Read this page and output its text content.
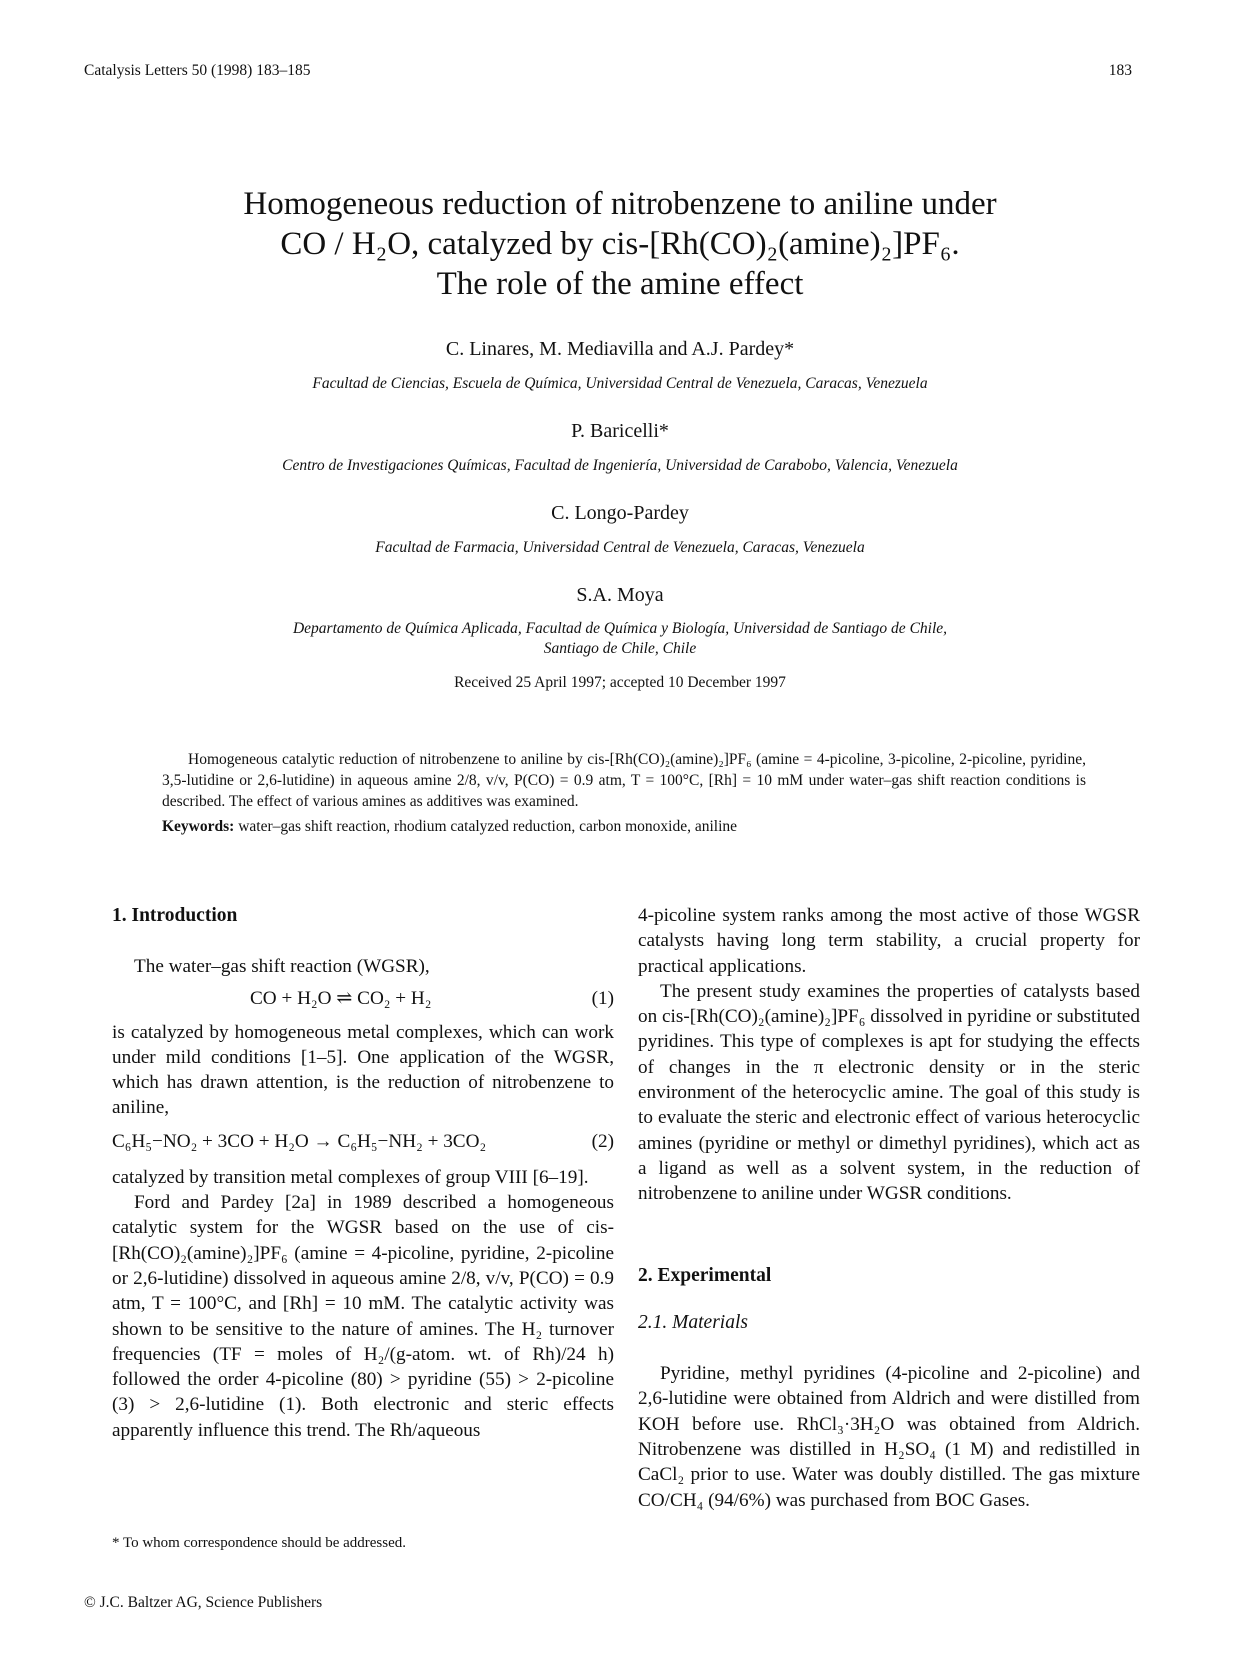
Catalysis Letters 50 (1998) 183–185	183
Homogeneous reduction of nitrobenzene to aniline under
CO / H₂O, catalyzed by cis-[Rh(CO)₂(amine)₂]PF₆.
The role of the amine effect
C. Linares, M. Mediavilla and A.J. Pardey*
Facultad de Ciencias, Escuela de Química, Universidad Central de Venezuela, Caracas, Venezuela
P. Baricelli*
Centro de Investigaciones Químicas, Facultad de Ingeniería, Universidad de Carabobo, Valencia, Venezuela
C. Longo-Pardey
Facultad de Farmacia, Universidad Central de Venezuela, Caracas, Venezuela
S.A. Moya
Departamento de Química Aplicada, Facultad de Química y Biología, Universidad de Santiago de Chile,
Santiago de Chile, Chile
Received 25 April 1997; accepted 10 December 1997
Homogeneous catalytic reduction of nitrobenzene to aniline by cis-[Rh(CO)₂(amine)₂]PF₆ (amine = 4-picoline, 3-picoline, 2-picoline, pyridine, 3,5-lutidine or 2,6-lutidine) in aqueous amine 2/8, v/v, P(CO) = 0.9 atm, T = 100°C, [Rh] = 10 mM under water–gas shift reaction conditions is described. The effect of various amines as additives was examined.
Keywords: water–gas shift reaction, rhodium catalyzed reduction, carbon monoxide, aniline
1. Introduction

The water–gas shift reaction (WGSR),

CO + H₂O ⇌ CO₂ + H₂	(1)

is catalyzed by homogeneous metal complexes, which can work under mild conditions [1–5]. One application of the WGSR, which has drawn attention, is the reduction of nitrobenzene to aniline,

C₆H₅−NO₂ + 3CO + H₂O → C₆H₅−NH₂ + 3CO₂	(2)

catalyzed by transition metal complexes of group VIII [6–19].

Ford and Pardey [2a] in 1989 described a homogeneous catalytic system for the WGSR based on the use of cis-[Rh(CO)₂(amine)₂]PF₆ (amine = 4-picoline, pyridine, 2-picoline or 2,6-lutidine) dissolved in aqueous amine 2/8, v/v, P(CO) = 0.9 atm, T = 100°C, and [Rh] = 10 mM. The catalytic activity was shown to be sensitive to the nature of amines. The H₂ turnover frequencies (TF = moles of H₂/(g-atom. wt. of Rh)/24 h) followed the order 4-picoline (80) > pyridine (55) > 2-picoline (3) > 2,6-lutidine (1). Both electronic and steric effects apparently influence this trend. The Rh/aqueous

4-picoline system ranks among the most active of those WGSR catalysts having long term stability, a crucial property for practical applications.

The present study examines the properties of catalysts based on cis-[Rh(CO)₂(amine)₂]PF₆ dissolved in pyridine or substituted pyridines. This type of complexes is apt for studying the effects of changes in the π electronic density or in the steric environment of the heterocyclic amine. The goal of this study is to evaluate the steric and electronic effect of various heterocyclic amines (pyridine or methyl or dimethyl pyridines), which act as a ligand as well as a solvent system, in the reduction of nitrobenzene to aniline under WGSR conditions.

2. Experimental
2.1. Materials

Pyridine, methyl pyridines (4-picoline and 2-picoline) and 2,6-lutidine were obtained from Aldrich and were distilled from KOH before use. RhCl₃·3H₂O was obtained from Aldrich. Nitrobenzene was distilled in H₂SO₄ (1 M) and redistilled in CaCl₂ prior to use. Water was doubly distilled. The gas mixture CO/CH₄ (94/6%) was purchased from BOC Gases.

* To whom correspondence should be addressed.
© J.C. Baltzer AG, Science Publishers
